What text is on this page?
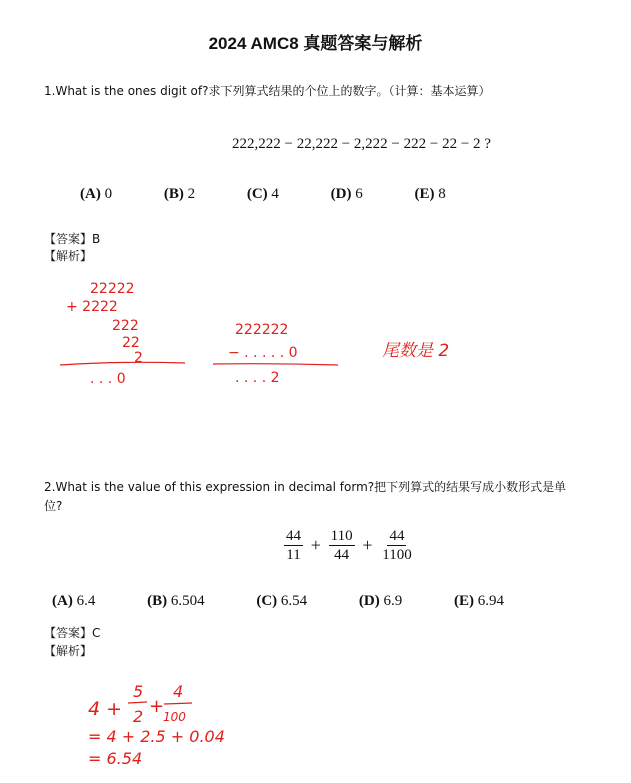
2024 AMC8 真题答案与解析
1.What is the ones digit of?求下列算式结果的个位上的数字。（计算：基本运算）
222,222 − 22,222 − 2,222 − 222 − 22 − 2 ?
(A) 0	(B) 2	(C) 4	(D) 6	(E) 8
【答案】B
【解析】
22222
+ 2222
222
22
2
. . . 0
222222
− . . . . . 0
. . . . 2
尾数是 2
2.What is the value of this expression in decimal form?把下列算式的结果写成小数形式是单
位?
$\frac{44}{11} + \frac{110}{44} + \frac{44}{1100}$
(A) 6.4	(B) 6.504	(C) 6.54	(D) 6.9	(E) 6.94
【答案】C
【解析】
4 +
5
2 +
4
100
= 4 + 2.5 + 0.04
= 6.54
